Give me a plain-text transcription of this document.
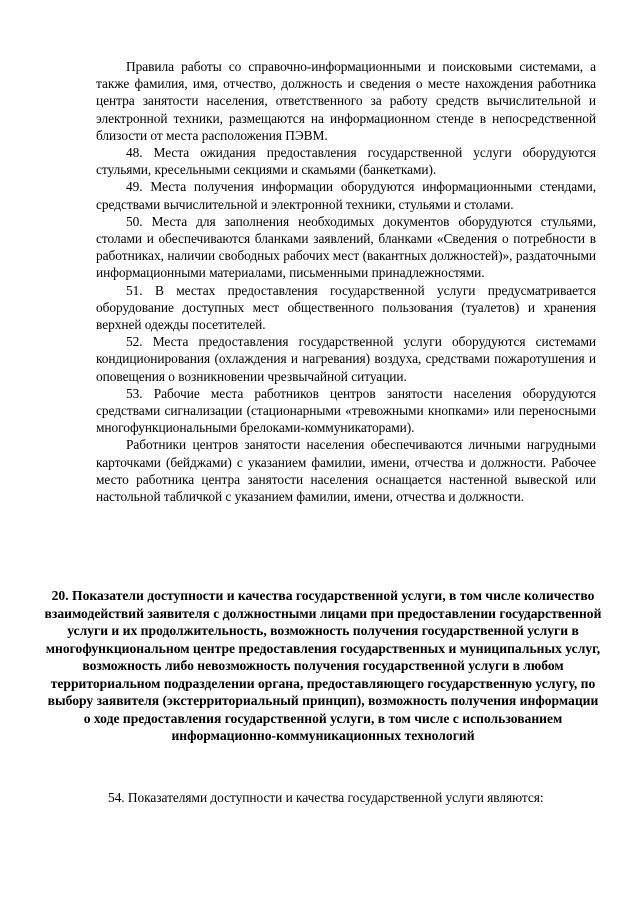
Правила работы со справочно-информационными и поисковыми системами, а также фамилия, имя, отчество, должность и сведения о месте нахождения работника центра занятости населения, ответственного за работу средств вычислительной и электронной техники, размещаются на информационном стенде в непосредственной близости от места расположения ПЭВМ.

48. Места ожидания предоставления государственной услуги оборудуются стульями, кресельными секциями и скамьями (банкетками).

49. Места получения информации оборудуются информационными стендами, средствами вычислительной и электронной техники, стульями и столами.

50. Места для заполнения необходимых документов оборудуются стульями, столами и обеспечиваются бланками заявлений, бланками «Сведения о потребности в работниках, наличии свободных рабочих мест (вакантных должностей)», раздаточными информационными материалами, письменными принадлежностями.

51. В местах предоставления государственной услуги предусматривается оборудование доступных мест общественного пользования (туалетов) и хранения верхней одежды посетителей.

52. Места предоставления государственной услуги оборудуются системами кондиционирования (охлаждения и нагревания) воздуха, средствами пожаротушения и оповещения о возникновении чрезвычайной ситуации.

53. Рабочие места работников центров занятости населения оборудуются средствами сигнализации (стационарными «тревожными кнопками» или переносными многофункциональными брелоками-коммуникаторами).

Работники центров занятости населения обеспечиваются личными нагрудными карточками (бейджами) с указанием фамилии, имени, отчества и должности. Рабочее место работника центра занятости населения оснащается настенной вывеской или настольной табличкой с указанием фамилии, имени, отчества и должности.

20. Показатели доступности и качества государственной услуги, в том числе количество взаимодействий заявителя с должностными лицами при предоставлении государственной услуги и их продолжительность, возможность получения государственной услуги в многофункциональном центре предоставления государственных и муниципальных услуг, возможность либо невозможность получения государственной услуги в любом территориальном подразделении органа, предоставляющего государственную услугу, по выбору заявителя (экстерриториальный принцип), возможность получения информации о ходе предоставления государственной услуги, в том числе с использованием информационно-коммуникационных технологий

54. Показателями доступности и качества государственной услуги являются:
